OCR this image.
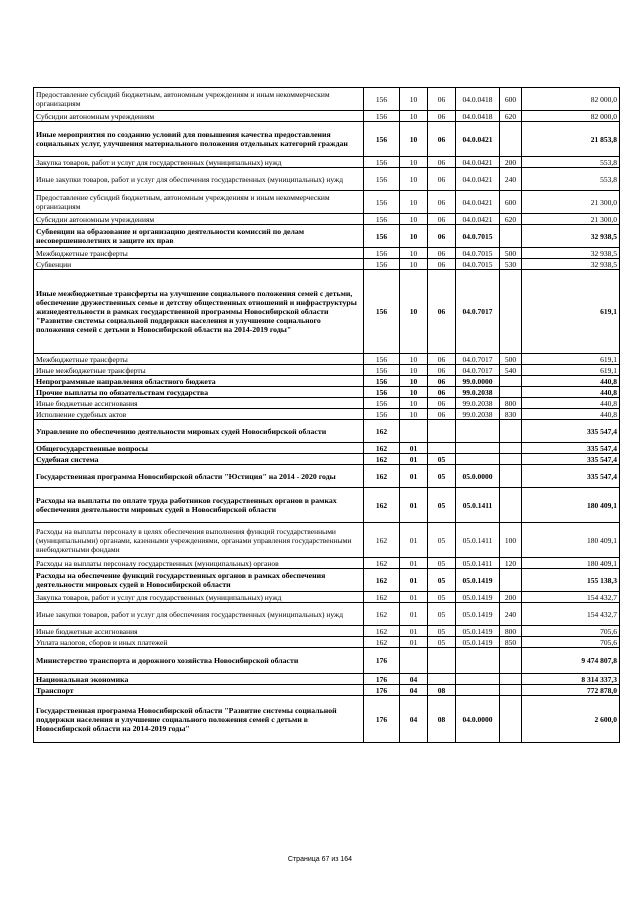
Предоставление субсидий бюджетным, автономным учреждениям и иным некоммерческим организациям	156	10	06	04.0.0418	600	82 000,0
Субсидии автономным учреждениям	156	10	06	04.0.0418	620	82 000,0
Иные мероприятия по созданию условий для повышения качества предоставления социальных услуг, улучшения материального положения отдельных категорий граждан	156	10	06	04.0.0421		21 853,8
Закупка товаров, работ и услуг для государственных (муниципальных) нужд	156	10	06	04.0.0421	200	553,8
Иные закупки товаров, работ и услуг для обеспечения государственных (муниципальных) нужд	156	10	06	04.0.0421	240	553,8
Предоставление субсидий бюджетным, автономным учреждениям и иным некоммерческим организациям	156	10	06	04.0.0421	600	21 300,0
Субсидии автономным учреждениям	156	10	06	04.0.0421	620	21 300,0
Субвенции на образование и организацию деятельности комиссий по делам несовершеннолетних и защите их прав	156	10	06	04.0.7015		32 938,5
Межбюджетные трансферты	156	10	06	04.0.7015	500	32 938,5
Субвенции	156	10	06	04.0.7015	530	32 938,5
Иные межбюджетные трансферты на улучшение социального положения семей с детьми, обеспечение дружественных семье и детству общественных отношений и инфраструктуры жизнедеятельности в рамках государственной программы Новосибирской области "Развитие системы социальной поддержки населения и улучшение социального положения семей с детьми в Новосибирской области на 2014-2019 годы"	156	10	06	04.0.7017		619,1
Межбюджетные трансферты	156	10	06	04.0.7017	500	619,1
Иные межбюджетные трансферты	156	10	06	04.0.7017	540	619,1
Непрограммные направления областного бюджета	156	10	06	99.0.0000		440,8
Прочие выплаты по обязательствам государства	156	10	06	99.0.2038		440,8
Иные бюджетные ассигнования	156	10	06	99.0.2038	800	440,8
Исполнение судебных актов	156	10	06	99.0.2038	830	440,8
Управление по обеспечению деятельности мировых судей Новосибирской области	162					335 547,4
Общегосударственные вопросы	162	01				335 547,4
Судебная система	162	01	05			335 547,4
Государственная программа Новосибирской области "Юстиция" на 2014 - 2020 годы	162	01	05	05.0.0000		335 547,4
Расходы на выплаты по оплате труда работников государственных органов в рамках обеспечения деятельности мировых судей в Новосибирской области	162	01	05	05.0.1411		180 409,1
Расходы на выплаты персоналу в целях обеспечения выполнения функций государственными (муниципальными) органами, казенными учреждениями, органами управления государственными внебюджетными фондами	162	01	05	05.0.1411	100	180 409,1
Расходы на выплаты персоналу государственных (муниципальных) органов	162	01	05	05.0.1411	120	180 409,1
Расходы на обеспечение функций государственных органов в рамках обеспечения деятельности мировых судей в Новосибирской области	162	01	05	05.0.1419		155 138,3
Закупка товаров, работ и услуг для государственных (муниципальных) нужд	162	01	05	05.0.1419	200	154 432,7
Иные закупки товаров, работ и услуг для обеспечения государственных (муниципальных) нужд	162	01	05	05.0.1419	240	154 432,7
Иные бюджетные ассигнования	162	01	05	05.0.1419	800	705,6
Уплата налогов, сборов и иных платежей	162	01	05	05.0.1419	850	705,6
Министерство транспорта и дорожного хозяйства Новосибирской области	176					9 474 807,8
Национальная экономика	176	04				8 314 337,3
Транспорт	176	04	08			772 878,0
Государственная программа Новосибирской области "Развитие системы социальной поддержки населения и улучшение социального положения семей с детьми в Новосибирской области на 2014-2019 годы"	176	04	08	04.0.0000		2 600,0
Страница 67 из 164
